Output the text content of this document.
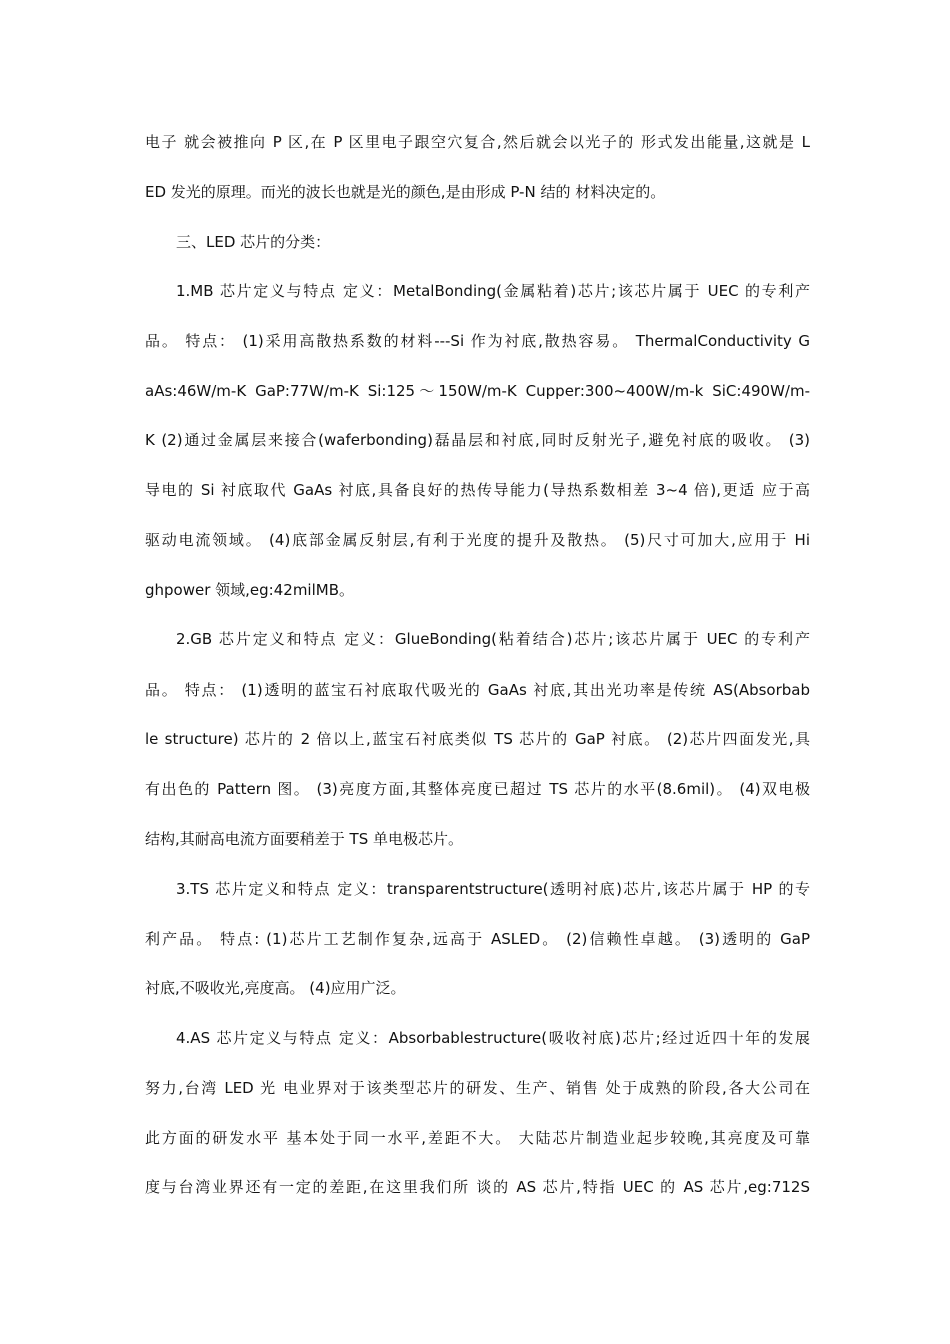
电子 就会被推向 P 区,在 P 区里电子跟空穴复合,然后就会以光子的 形式发出能量,这就是 L
ED 发光的原理。而光的波长也就是光的颜色,是由形成 P-N 结的 材料决定的。
三、LED 芯片的分类：
1.MB 芯片定义与特点 定义：MetalBonding(金属粘着)芯片;该芯片属于 UEC 的专利产
品。 特点： (1)采用高散热系数的材料---Si 作为衬底,散热容易。 ThermalConductivity G
aAs:46W/m-K GaP:77W/m-K Si:125～150W/m-K Cupper:300~400W/m-k SiC:490W/m-
K (2)通过金属层来接合(waferbonding)磊晶层和衬底,同时反射光子,避免衬底的吸收。 (3)
导电的 Si 衬底取代 GaAs 衬底,具备良好的热传导能力(导热系数相差 3~4 倍),更适 应于高
驱动电流领域。 (4)底部金属反射层,有利于光度的提升及散热。 (5)尺寸可加大,应用于 Hi
ghpower 领域,eg:42milMB。
2.GB 芯片定义和特点 定义：GlueBonding(粘着结合)芯片;该芯片属于 UEC 的专利产
品。 特点： (1)透明的蓝宝石衬底取代吸光的 GaAs 衬底,其出光功率是传统 AS(Absorbab
le structure) 芯片的 2 倍以上,蓝宝石衬底类似 TS 芯片的 GaP 衬底。 (2)芯片四面发光,具
有出色的 Pattern 图。 (3)亮度方面,其整体亮度已超过 TS 芯片的水平(8.6mil)。 (4)双电极
结构,其耐高电流方面要稍差于 TS 单电极芯片。
3.TS 芯片定义和特点 定义：transparentstructure(透明衬底)芯片,该芯片属于 HP 的专
利产品。 特点: (1)芯片工艺制作复杂,远高于 ASLED。 (2)信赖性卓越。 (3)透明的 GaP
衬底,不吸收光,亮度高。 (4)应用广泛。
4.AS 芯片定义与特点 定义：Absorbablestructure(吸收衬底)芯片;经过近四十年的发展
努力,台湾 LED 光 电业界对于该类型芯片的研发、生产、销售 处于成熟的阶段,各大公司在
此方面的研发水平 基本处于同一水平,差距不大。 大陆芯片制造业起步较晚,其亮度及可靠
度与台湾业界还有一定的差距,在这里我们所 谈的 AS 芯片,特指 UEC 的 AS 芯片,eg:712S
